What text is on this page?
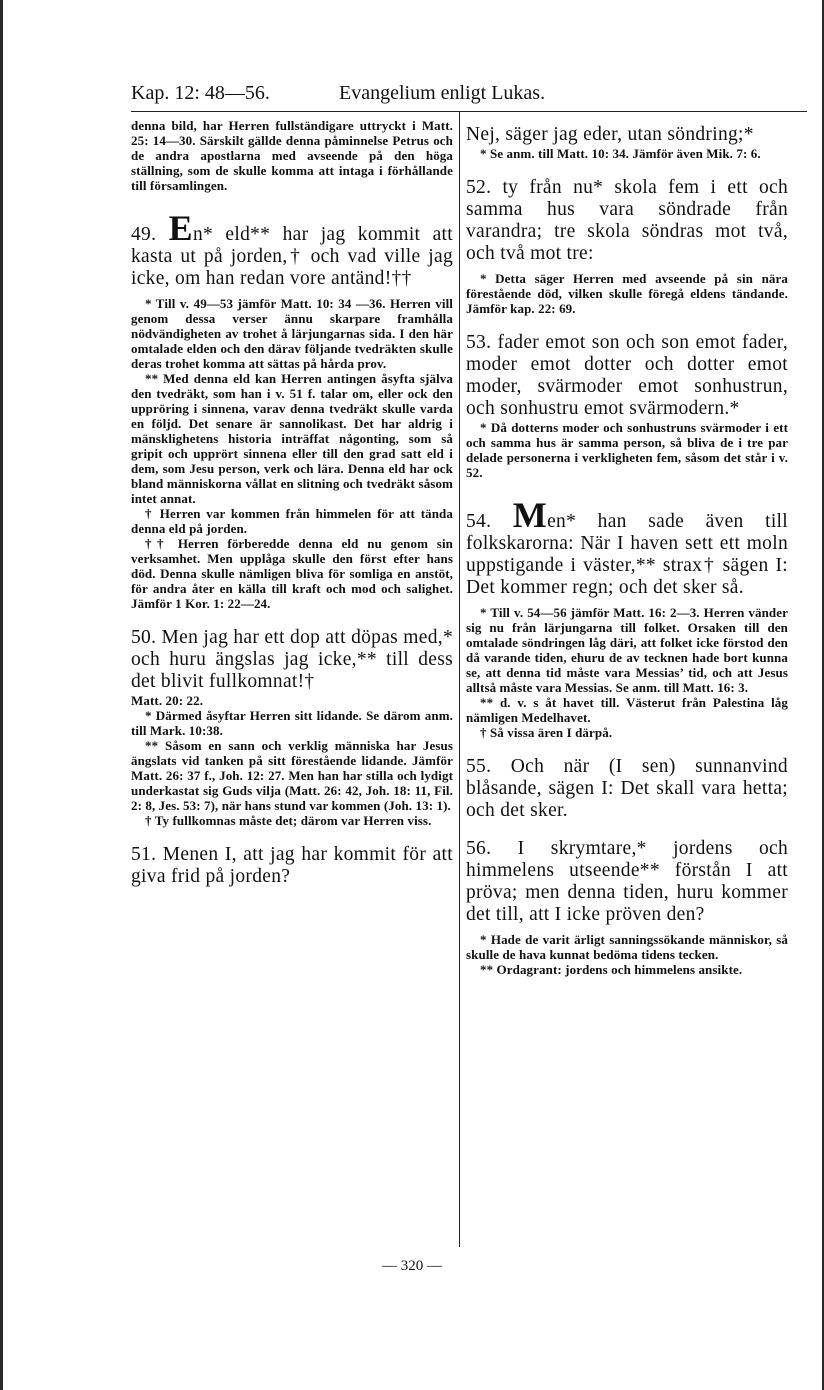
Kap. 12: 48—56.	Evangelium enligt Lukas.

denna bild, har Herren fullständigare uttryckt i Matt. 25: 14—30. Särskilt gällde denna påminnelse Petrus och de andra apostlarna med avseende på den höga ställning, som de skulle komma att intaga i förhållande till församlingen.

49. En* eld** har jag kommit att kasta ut på jorden,† och vad ville jag icke, om han redan vore antänd!††

* Till v. 49—53 jämför Matt. 10: 34 —36. Herren vill genom dessa verser ännu skarpare framhålla nödvändigheten av trohet å lärjungarnas sida. I den här omtalade elden och den därav följande tvedräkten skulle deras trohet komma att sättas på hårda prov.

** Med denna eld kan Herren antingen åsyfta själva den tvedräkt, som han i v. 51 f. talar om, eller ock den uppröring i sinnena, varav denna tvedräkt skulle varda en följd. Det senare är sannolikast. Det har aldrig i mänsklighetens historia inträffat någonting, som så gripit och upprört sinnena eller till den grad satt eld i dem, som Jesu person, verk och lära. Denna eld har ock bland människorna vållat en slitning och tvedräkt såsom intet annat.

† Herren var kommen från himmelen för att tända denna eld på jorden.

†† Herren förberedde denna eld nu genom sin verksamhet. Men upplåga skulle den först efter hans död. Denna skulle nämligen bliva för somliga en anstöt, för andra åter en källa till kraft och mod och salighet. Jämför 1 Kor. 1: 22—24.

50. Men jag har ett dop att döpas med,* och huru ängslas jag icke,** till dess det blivit fullkomnat!†

Matt. 20: 22.

* Därmed åsyftar Herren sitt lidande. Se därom anm. till Mark. 10:38.

** Såsom en sann och verklig människa har Jesus ängslats vid tanken på sitt förestående lidande. Jämför Matt. 26: 37 f., Joh. 12: 27. Men han har stilla och lydigt underkastat sig Guds vilja (Matt. 26: 42, Joh. 18: 11, Fil. 2: 8, Jes. 53: 7), när hans stund var kommen (Joh. 13: 1).

† Ty fullkomnas måste det; därom var Herren viss.

51. Menen I, att jag har kommit för att giva frid på jorden?

Nej, säger jag eder, utan söndring;*

* Se anm. till Matt. 10: 34. Jämför även Mik. 7: 6.

52. ty från nu* skola fem i ett och samma hus vara söndrade från varandra; tre skola söndras mot två, och två mot tre:

* Detta säger Herren med avseende på sin nära förestående död, vilken skulle föregå eldens tändande. Jämför kap. 22: 69.

53. fader emot son och son emot fader, moder emot dotter och dotter emot moder, svärmoder emot sonhustrun, och sonhustru emot svärmodern.*

* Då dotterns moder och sonhustruns svärmoder i ett och samma hus är samma person, så bliva de i tre par delade personerna i verkligheten fem, såsom det står i v. 52.

54. Men* han sade även till folkskarorna: När I haven sett ett moln uppstigande i väster,** strax† sägen I: Det kommer regn; och det sker så.

* Till v. 54—56 jämför Matt. 16: 2—3. Herren vänder sig nu från lärjungarna till folket. Orsaken till den omtalade söndringen låg däri, att folket icke förstod den då varande tiden, ehuru de av tecknen hade bort kunna se, att denna tid måste vara Messias’ tid, och att Jesus alltså måste vara Messias. Se anm. till Matt. 16: 3.

** d. v. s åt havet till. Västerut från Palestina låg nämligen Medelhavet.

† Så vissa ären I därpå.

55. Och när (I sen) sunnanvind blåsande, sägen I: Det skall vara hetta; och det sker.

56. I skrymtare,* jordens och himmelens utseende** förstån I att pröva; men denna tiden, huru kommer det till, att I icke pröven den?

* Hade de varit ärligt sanningssökande människor, så skulle de hava kunnat bedöma tidens tecken.

** Ordagrant: jordens och himmelens ansikte.

— 320 —
